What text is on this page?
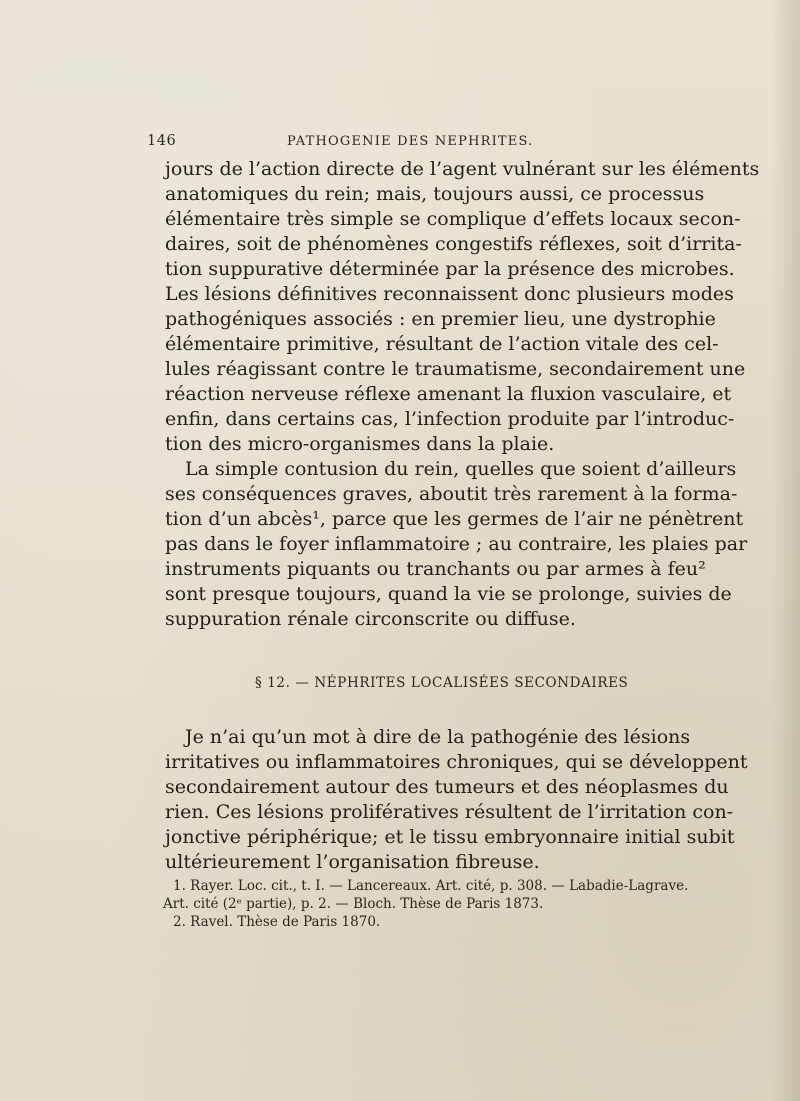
146	PATHOGENIE DES NEPHRITES.
jours de l’action directe de l’agent vulnérant sur les éléments
anatomiques du rein; mais, toujours aussi, ce processus
élémentaire très simple se complique d’effets locaux secon-
daires, soit de phénomènes congestifs réflexes, soit d’irrita-
tion suppurative déterminée par la présence des microbes.
Les lésions définitives reconnaissent donc plusieurs modes
pathogéniques associés : en premier lieu, une dystrophie
élémentaire primitive, résultant de l’action vitale des cel-
lules réagissant contre le traumatisme, secondairement une
réaction nerveuse réflexe amenant la fluxion vasculaire, et
enfin, dans certains cas, l’infection produite par l’introduc-
tion des micro-organismes dans la plaie.
La simple contusion du rein, quelles que soient d’ailleurs
ses conséquences graves, aboutit très rarement à la forma-
tion d’un abcès¹, parce que les germes de l’air ne pénètrent
pas dans le foyer inflammatoire ; au contraire, les plaies par
instruments piquants ou tranchants ou par armes à feu²
sont presque toujours, quand la vie se prolonge, suivies de
suppuration rénale circonscrite ou diffuse.
§ 12. — NÉPHRITES LOCALISÉES SECONDAIRES
Je n’ai qu’un mot à dire de la pathogénie des lésions
irritatives ou inflammatoires chroniques, qui se développent
secondairement autour des tumeurs et des néoplasmes du
rien. Ces lésions prolifératives résultent de l’irritation con-
jonctive périphérique; et le tissu embryonnaire initial subit
ultérieurement l’organisation fibreuse.
1. Rayer. Loc. cit., t. I. — Lancereaux. Art. cité, p. 308. — Labadie-Lagrave.
Art. cité (2ᵉ partie), p. 2. — Bloch. Thèse de Paris 1873.
2. Ravel. Thèse de Paris 1870.
